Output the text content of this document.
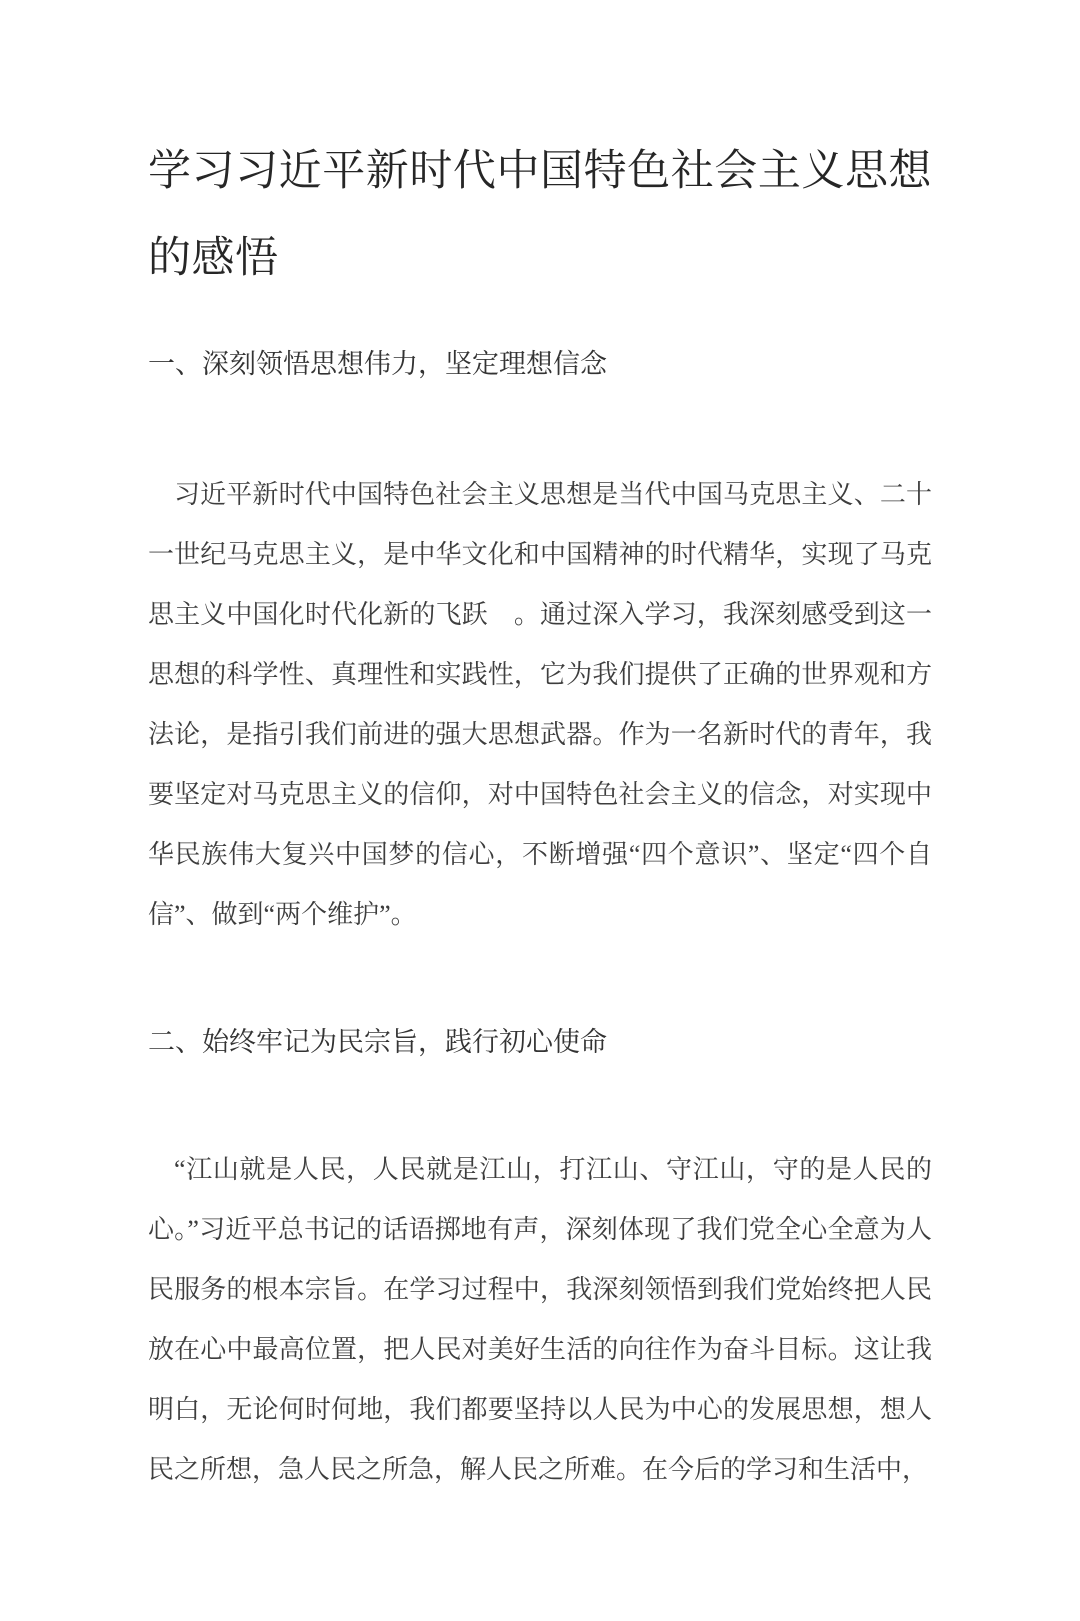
学习习近平新时代中国特色社会主义思想的感悟
一、深刻领悟思想伟力，坚定理想信念

习近平新时代中国特色社会主义思想是当代中国马克思主义、二十一世纪马克思主义，是中华文化和中国精神的时代精华，实现了马克思主义中国化时代化新的飞跃　。通过深入学习，我深刻感受到这一思想的科学性、真理性和实践性，它为我们提供了正确的世界观和方法论，是指引我们前进的强大思想武器。作为一名新时代的青年，我要坚定对马克思主义的信仰，对中国特色社会主义的信念，对实现中华民族伟大复兴中国梦的信心，不断增强“四个意识”、坚定“四个自信”、做到“两个维护”。

二、始终牢记为民宗旨，践行初心使命

“江山就是人民，人民就是江山，打江山、守江山，守的是人民的心。”习近平总书记的话语掷地有声，深刻体现了我们党全心全意为人民服务的根本宗旨。在学习过程中，我深刻领悟到我们党始终把人民放在心中最高位置，把人民对美好生活的向往作为奋斗目标。这让我明白，无论何时何地，我们都要坚持以人民为中心的发展思想，想人民之所想，急人民之所急，解人民之所难。在今后的学习和生活中，
